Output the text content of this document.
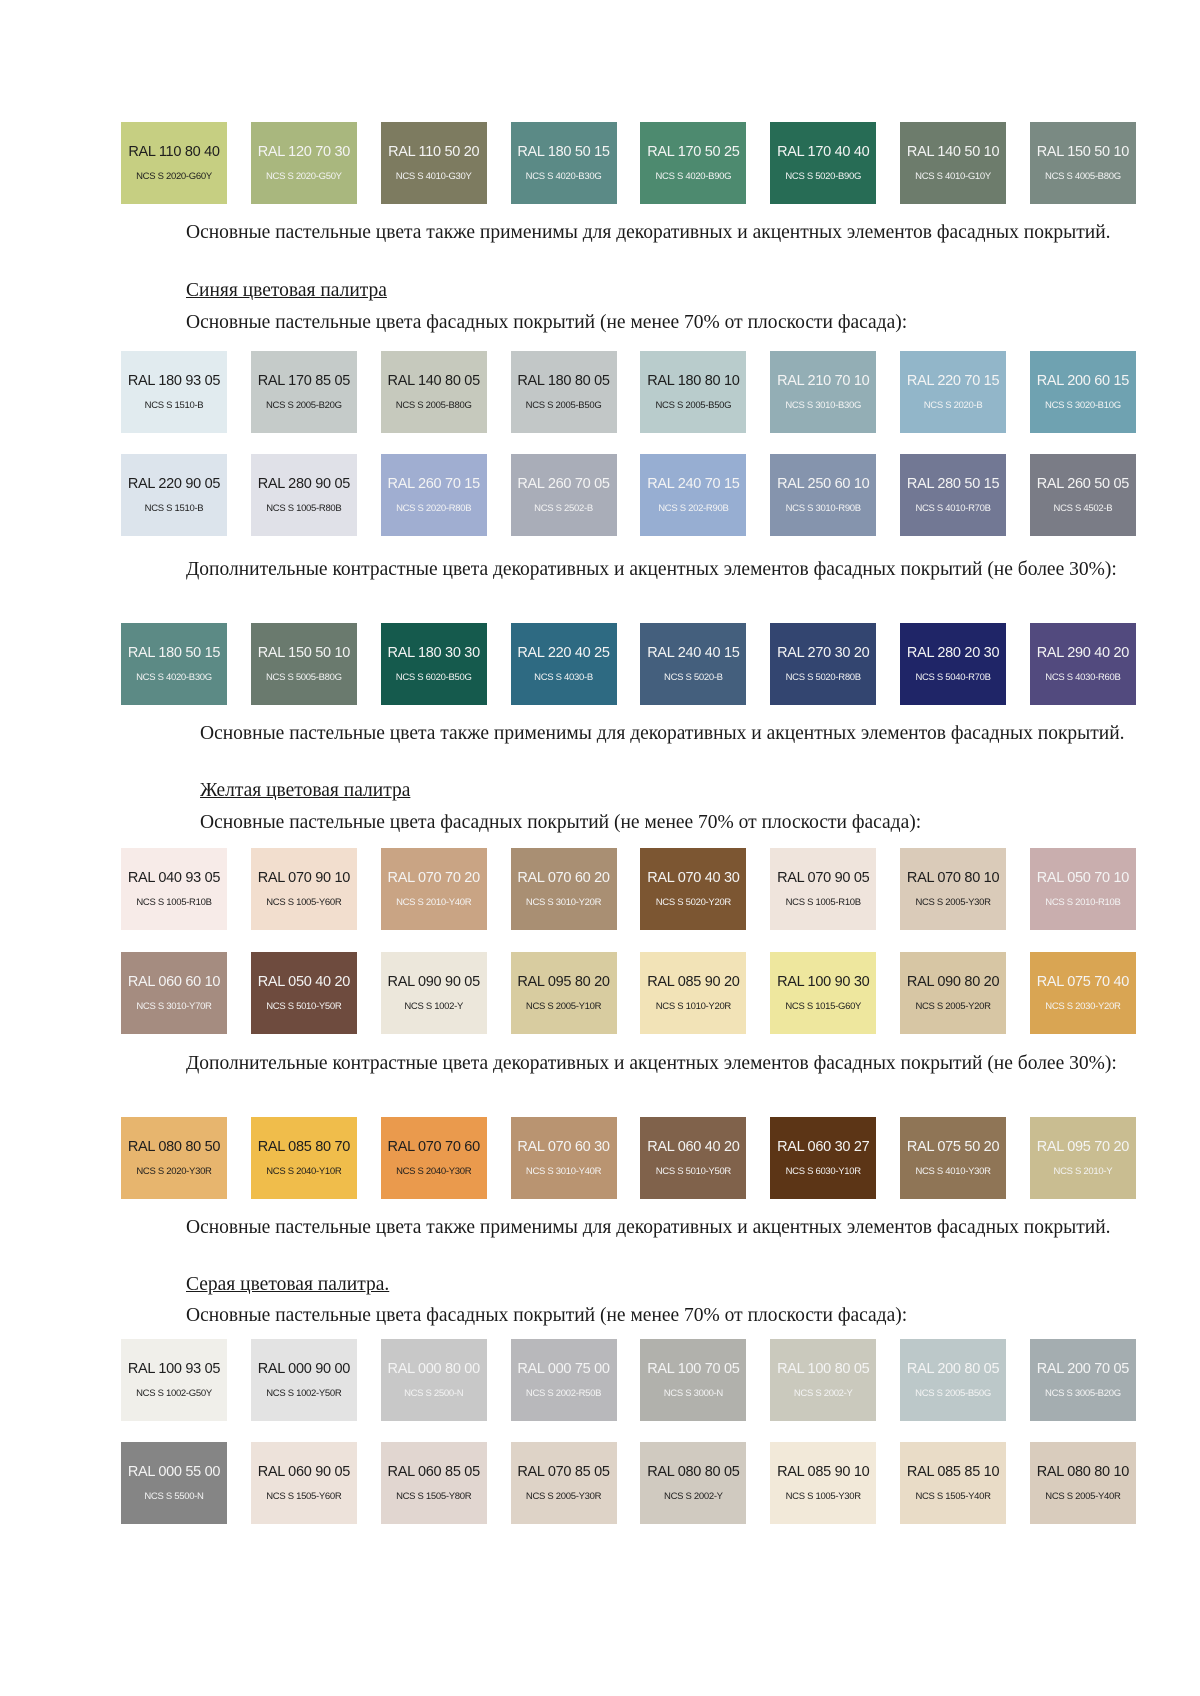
RAL 110 80 40
NCS S 2020-G60Y
RAL 120 70 30
NCS S 2020-G50Y
RAL 110 50 20
NCS S 4010-G30Y
RAL 180 50 15
NCS S 4020-B30G
RAL 170 50 25
NCS S 4020-B90G
RAL 170 40 40
NCS S 5020-B90G
RAL 140 50 10
NCS S 4010-G10Y
RAL 150 50 10
NCS S 4005-B80G
Основные пастельные цвета также применимы для декоративных и акцентных элементов фасадных покрытий.
Синяя цветовая палитра
Основные пастельные цвета фасадных покрытий (не менее 70% от плоскости фасада):
RAL 180 93 05
NCS S 1510-B
RAL 170 85 05
NCS S 2005-B20G
RAL 140 80 05
NCS S 2005-B80G
RAL 180 80 05
NCS S 2005-B50G
RAL 180 80 10
NCS S 2005-B50G
RAL 210 70 10
NCS S 3010-B30G
RAL 220 70 15
NCS S 2020-B
RAL 200 60 15
NCS S 3020-B10G
RAL 220 90 05
NCS S 1510-B
RAL 280 90 05
NCS S 1005-R80B
RAL 260 70 15
NCS S 2020-R80B
RAL 260 70 05
NCS S 2502-B
RAL 240 70 15
NCS S 202-R90B
RAL 250 60 10
NCS S 3010-R90B
RAL 280 50 15
NCS S 4010-R70B
RAL 260 50 05
NCS S 4502-B
Дополнительные контрастные цвета декоративных и акцентных элементов фасадных покрытий (не более 30%):
RAL 180 50 15
NCS S 4020-B30G
RAL 150 50 10
NCS S 5005-B80G
RAL 180 30 30
NCS S 6020-B50G
RAL 220 40 25
NCS S 4030-B
RAL 240 40 15
NCS S 5020-B
RAL 270 30 20
NCS S 5020-R80B
RAL 280 20 30
NCS S 5040-R70B
RAL 290 40 20
NCS S 4030-R60B
Основные пастельные цвета также применимы для декоративных и акцентных элементов фасадных покрытий.
Желтая цветовая палитра
Основные пастельные цвета фасадных покрытий (не менее 70% от плоскости фасада):
RAL 040 93 05
NCS S 1005-R10B
RAL 070 90 10
NCS S 1005-Y60R
RAL 070 70 20
NCS S 2010-Y40R
RAL 070 60 20
NCS S 3010-Y20R
RAL 070 40 30
NCS S 5020-Y20R
RAL 070 90 05
NCS S 1005-R10B
RAL 070 80 10
NCS S 2005-Y30R
RAL 050 70 10
NCS S 2010-R10B
RAL 060 60 10
NCS S 3010-Y70R
RAL 050 40 20
NCS S 5010-Y50R
RAL 090 90 05
NCS S 1002-Y
RAL 095 80 20
NCS S 2005-Y10R
RAL 085 90 20
NCS S 1010-Y20R
RAL 100 90 30
NCS S 1015-G60Y
RAL 090 80 20
NCS S 2005-Y20R
RAL 075 70 40
NCS S 2030-Y20R
Дополнительные контрастные цвета декоративных и акцентных элементов фасадных покрытий (не более 30%):
RAL 080 80 50
NCS S 2020-Y30R
RAL 085 80 70
NCS S 2040-Y10R
RAL 070 70 60
NCS S 2040-Y30R
RAL 070 60 30
NCS S 3010-Y40R
RAL 060 40 20
NCS S 5010-Y50R
RAL 060 30 27
NCS S 6030-Y10R
RAL 075 50 20
NCS S 4010-Y30R
RAL 095 70 20
NCS S 2010-Y
Основные пастельные цвета также применимы для декоративных и акцентных элементов фасадных покрытий.
Серая цветовая палитра.
Основные пастельные цвета фасадных покрытий (не менее 70% от плоскости фасада):
RAL 100 93 05
NCS S 1002-G50Y
RAL 000 90 00
NCS S 1002-Y50R
RAL 000 80 00
NCS S 2500-N
RAL 000 75 00
NCS S 2002-R50B
RAL 100 70 05
NCS S 3000-N
RAL 100 80 05
NCS S 2002-Y
RAL 200 80 05
NCS S 2005-B50G
RAL 200 70 05
NCS S 3005-B20G
RAL 000 55 00
NCS S 5500-N
RAL 060 90 05
NCS S 1505-Y60R
RAL 060 85 05
NCS S 1505-Y80R
RAL 070 85 05
NCS S 2005-Y30R
RAL 080 80 05
NCS S 2002-Y
RAL 085 90 10
NCS S 1005-Y30R
RAL 085 85 10
NCS S 1505-Y40R
RAL 080 80 10
NCS S 2005-Y40R
